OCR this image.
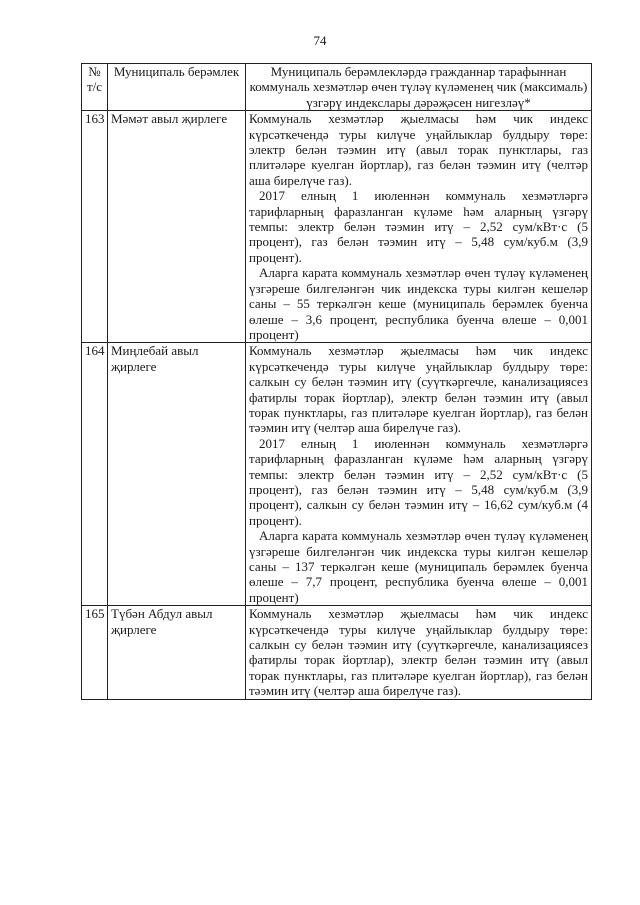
74
№ т/с	Муниципаль берәмлек	Муниципаль берәмлекләрдә гражданнар тарафыннан коммуналь хезмәтләр өчен түләү күләменең чик (максималь) үзгәрү индекслары дәрәҗәсен нигезләү*
163	Мәмәт авыл җирлеге	Коммуналь хезмәтләр җыелмасы һәм чик индекс күрсәткечендә туры килүче уңайлыклар булдыру төре: электр белән тәэмин итү (авыл торак пунктлары, газ плитәләре куелган йортлар), газ белән тәэмин итү (челтәр аша бирелүче газ).

2017 елның 1 июленнән коммуналь хезмәтләргә тарифларның фаразланган күләме һәм аларның үзгәрү темпы: электр белән тәэмин итү – 2,52 сум/кВт·с (5 процент), газ белән тәэмин итү – 5,48 сум/куб.м (3,9 процент).

Аларга карата коммуналь хезмәтләр өчен түләү күләменең үзгәреше билгеләнгән чик индекска туры килгән кешеләр саны – 55 теркәлгән кеше (муниципаль берәмлек буенча өлеше – 3,6 процент, республика буенча өлеше – 0,001 процент)

164	Миңлебай авыл җирлеге	Коммуналь хезмәтләр җыелмасы һәм чик индекс күрсәткечендә туры килүче уңайлыклар булдыру төре: салкын су белән тәэмин итү (суүткәргечле, канализациясез фатирлы торак йортлар), электр белән тәэмин итү (авыл торак пунктлары, газ плитәләре куелган йортлар), газ белән тәэмин итү (челтәр аша бирелүче газ).

2017 елның 1 июленнән коммуналь хезмәтләргә тарифларның фаразланган күләме һәм аларның үзгәрү темпы: электр белән тәэмин итү – 2,52 сум/кВт·с (5 процент), газ белән тәэмин итү – 5,48 сум/куб.м (3,9 процент), салкын су белән тәэмин итү – 16,62 сум/куб.м (4 процент).

Аларга карата коммуналь хезмәтләр өчен түләү күләменең үзгәреше билгеләнгән чик индекска туры килгән кешеләр саны – 137 теркәлгән кеше (муниципаль берәмлек буенча өлеше – 7,7 процент, республика буенча өлеше – 0,001 процент)

165	Түбән Абдул авыл җирлеге	Коммуналь хезмәтләр җыелмасы һәм чик индекс күрсәткечендә туры килүче уңайлыклар булдыру төре: салкын су белән тәэмин итү (суүткәргечле, канализациясез фатирлы торак йортлар), электр белән тәэмин итү (авыл торак пунктлары, газ плитәләре куелган йортлар), газ белән тәэмин итү (челтәр аша бирелүче газ).
